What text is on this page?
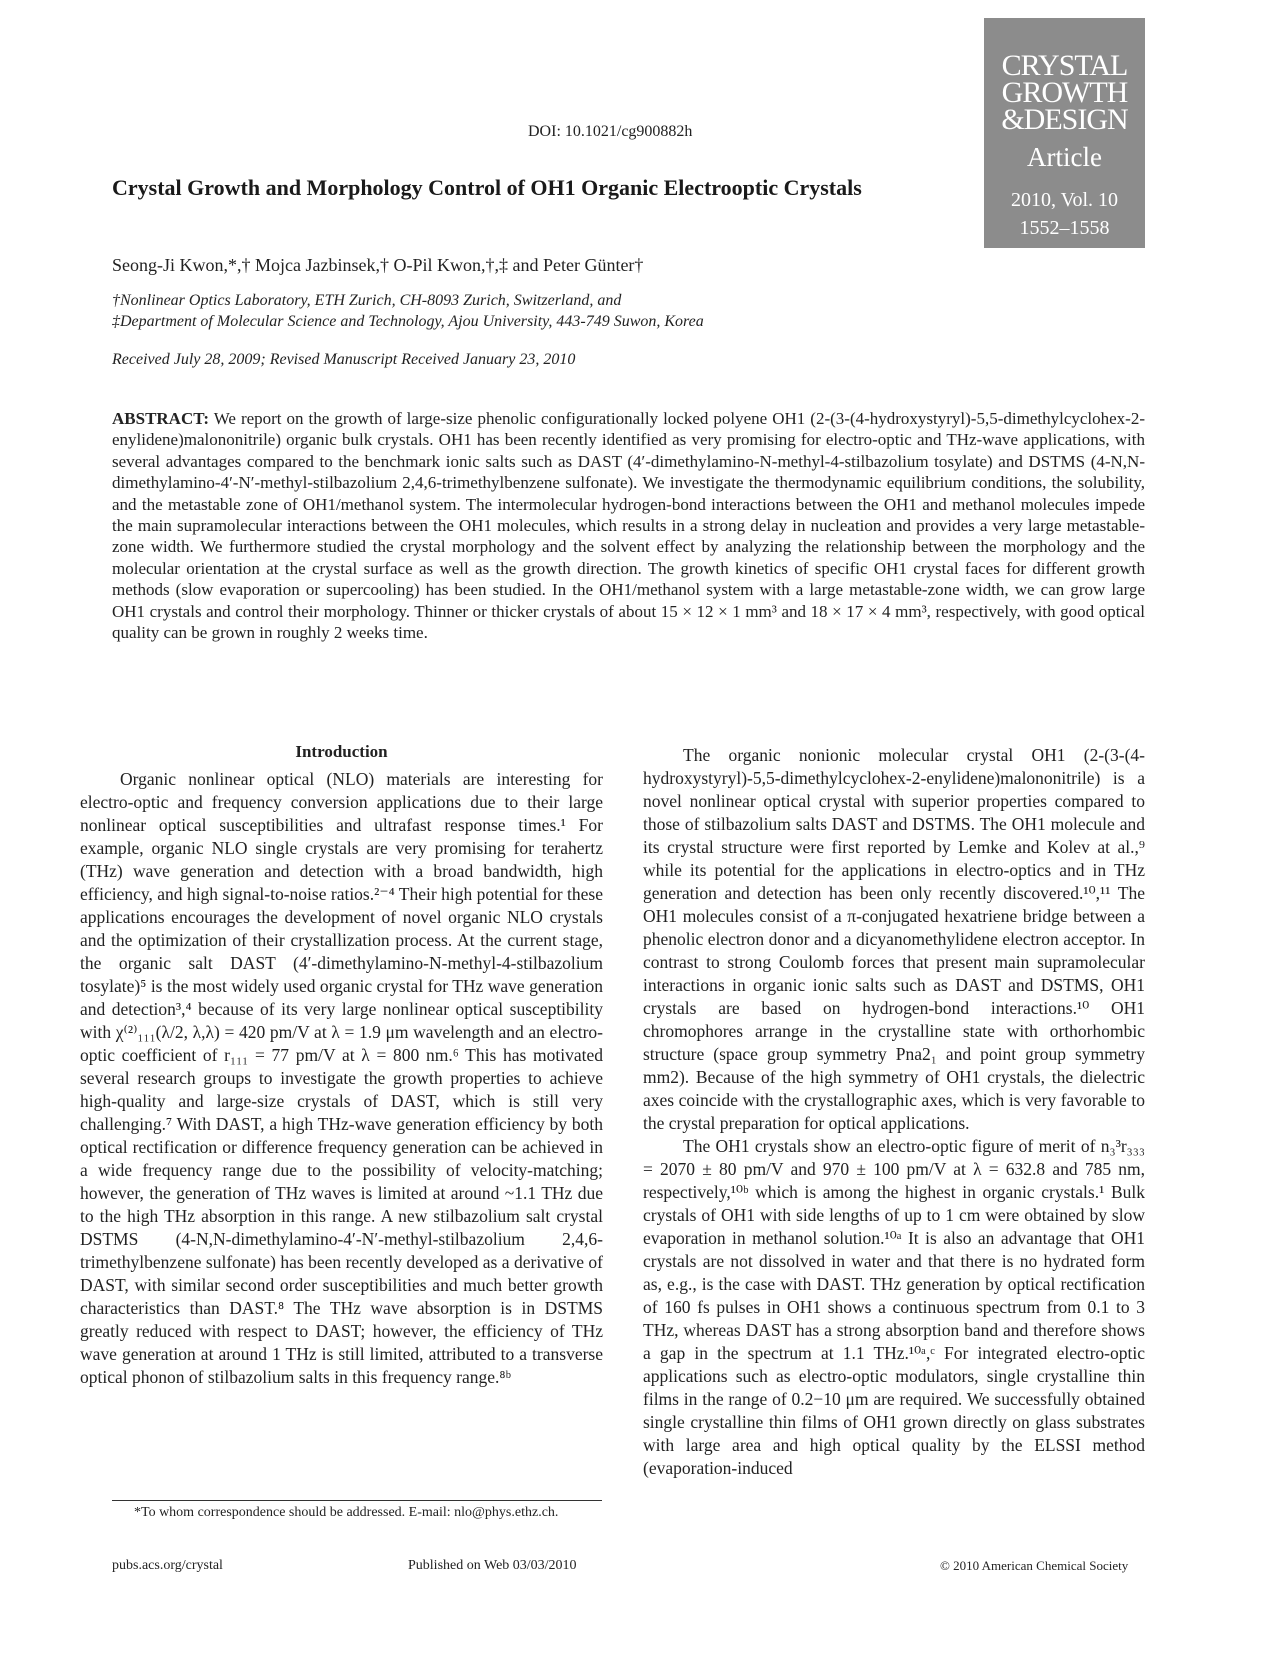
CRYSTAL GROWTH &DESIGN
Article
2010, Vol. 10
1552–1558
DOI: 10.1021/cg900882h
Crystal Growth and Morphology Control of OH1 Organic Electrooptic Crystals
Seong-Ji Kwon,*,† Mojca Jazbinsek,† O-Pil Kwon,†,‡ and Peter Günter†
†Nonlinear Optics Laboratory, ETH Zurich, CH-8093 Zurich, Switzerland, and
‡Department of Molecular Science and Technology, Ajou University, 443-749 Suwon, Korea
Received July 28, 2009; Revised Manuscript Received January 23, 2010
ABSTRACT: We report on the growth of large-size phenolic configurationally locked polyene OH1 (2-(3-(4-hydroxystyryl)-5,5-dimethylcyclohex-2-enylidene)malononitrile) organic bulk crystals. OH1 has been recently identified as very promising for electro-optic and THz-wave applications, with several advantages compared to the benchmark ionic salts such as DAST (4′-dimethylamino-N-methyl-4-stilbazolium tosylate) and DSTMS (4-N,N-dimethylamino-4′-N′-methyl-stilbazolium 2,4,6-trimethylbenzene sulfonate). We investigate the thermodynamic equilibrium conditions, the solubility, and the metastable zone of OH1/methanol system. The intermolecular hydrogen-bond interactions between the OH1 and methanol molecules impede the main supramolecular interactions between the OH1 molecules, which results in a strong delay in nucleation and provides a very large metastable-zone width. We furthermore studied the crystal morphology and the solvent effect by analyzing the relationship between the morphology and the molecular orientation at the crystal surface as well as the growth direction. The growth kinetics of specific OH1 crystal faces for different growth methods (slow evaporation or supercooling) has been studied. In the OH1/methanol system with a large metastable-zone width, we can grow large OH1 crystals and control their morphology. Thinner or thicker crystals of about 15 × 12 × 1 mm³ and 18 × 17 × 4 mm³, respectively, with good optical quality can be grown in roughly 2 weeks time.
Introduction

Organic nonlinear optical (NLO) materials are interesting for electro-optic and frequency conversion applications due to their large nonlinear optical susceptibilities and ultrafast response times.¹ For example, organic NLO single crystals are very promising for terahertz (THz) wave generation and detection with a broad bandwidth, high efficiency, and high signal-to-noise ratios.²⁻⁴ Their high potential for these applications encourages the development of novel organic NLO crystals and the optimization of their crystallization process. At the current stage, the organic salt DAST (4′-dimethylamino-N-methyl-4-stilbazolium tosylate)⁵ is the most widely used organic crystal for THz wave generation and detection³,⁴ because of its very large nonlinear optical susceptibility with χ⁽²⁾₁₁₁(λ/2, λ,λ) = 420 pm/V at λ = 1.9 μm wavelength and an electro-optic coefficient of r₁₁₁ = 77 pm/V at λ = 800 nm.⁶ This has motivated several research groups to investigate the growth properties to achieve high-quality and large-size crystals of DAST, which is still very challenging.⁷ With DAST, a high THz-wave generation efficiency by both optical rectification or difference frequency generation can be achieved in a wide frequency range due to the possibility of velocity-matching; however, the generation of THz waves is limited at around ~1.1 THz due to the high THz absorption in this range. A new stilbazolium salt crystal DSTMS (4-N,N-dimethylamino-4′-N′-methyl-stilbazolium 2,4,6-trimethylbenzene sulfonate) has been recently developed as a derivative of DAST, with similar second order susceptibilities and much better growth characteristics than DAST.⁸ The THz wave absorption is in DSTMS greatly reduced with respect to DAST; however, the efficiency of THz wave generation at around 1 THz is still limited, attributed to a transverse optical phonon of stilbazolium salts in this frequency range.⁸ᵇ

The organic nonionic molecular crystal OH1 (2-(3-(4-hydroxystyryl)-5,5-dimethylcyclohex-2-enylidene)malononitrile) is a novel nonlinear optical crystal with superior properties compared to those of stilbazolium salts DAST and DSTMS. The OH1 molecule and its crystal structure were first reported by Lemke and Kolev at al.,⁹ while its potential for the applications in electro-optics and in THz generation and detection has been only recently discovered.¹⁰,¹¹ The OH1 molecules consist of a π-conjugated hexatriene bridge between a phenolic electron donor and a dicyanomethylidene electron acceptor. In contrast to strong Coulomb forces that present main supramolecular interactions in organic ionic salts such as DAST and DSTMS, OH1 crystals are based on hydrogen-bond interactions.¹⁰ OH1 chromophores arrange in the crystalline state with orthorhombic structure (space group symmetry Pna2₁ and point group symmetry mm2). Because of the high symmetry of OH1 crystals, the dielectric axes coincide with the crystallographic axes, which is very favorable to the crystal preparation for optical applications.

The OH1 crystals show an electro-optic figure of merit of n₃³r₃₃₃ = 2070 ± 80 pm/V and 970 ± 100 pm/V at λ = 632.8 and 785 nm, respectively,¹⁰ᵇ which is among the highest in organic crystals.¹ Bulk crystals of OH1 with side lengths of up to 1 cm were obtained by slow evaporation in methanol solution.¹⁰ᵃ It is also an advantage that OH1 crystals are not dissolved in water and that there is no hydrated form as, e.g., is the case with DAST. THz generation by optical rectification of 160 fs pulses in OH1 shows a continuous spectrum from 0.1 to 3 THz, whereas DAST has a strong absorption band and therefore shows a gap in the spectrum at 1.1 THz.¹⁰ᵃ,ᶜ For integrated electro-optic applications such as electro-optic modulators, single crystalline thin films in the range of 0.2−10 μm are required. We successfully obtained single crystalline thin films of OH1 grown directly on glass substrates with large area and high optical quality by the ELSSI method (evaporation-induced

*To whom correspondence should be addressed. E-mail: nlo@phys.ethz.ch.
pubs.acs.org/crystal	Published on Web 03/03/2010	© 2010 American Chemical Society
